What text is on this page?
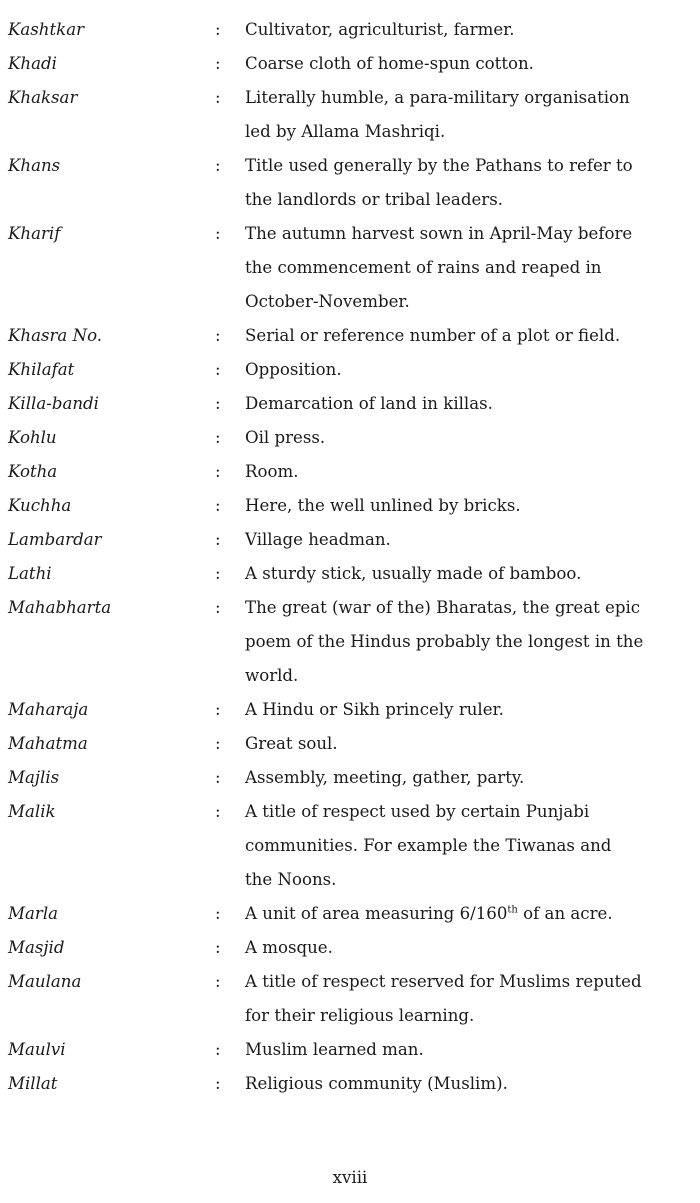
Kashtkar	:	Cultivator, agriculturist, farmer.
Khadi	:	Coarse cloth of home-spun cotton.
Khaksar	:	Literally humble, a para-military organisation
led by Allama Mashriqi.
Khans	:	Title used generally by the Pathans to refer to
the landlords or tribal leaders.
Kharif	:	The autumn harvest sown in April-May before
the commencement of rains and reaped in
October-November.
Khasra No.	:	Serial or reference number of a plot or field.
Khilafat	:	Opposition.
Killa-bandi	:	Demarcation of land in killas.
Kohlu	:	Oil press.
Kotha	:	Room.
Kuchha	:	Here, the well unlined by bricks.
Lambardar	:	Village headman.
Lathi	:	A sturdy stick, usually made of bamboo.
Mahabharta	:	The great (war of the) Bharatas, the great epic
poem of the Hindus probably the longest in the
world.
Maharaja	:	A Hindu or Sikh princely ruler.
Mahatma	:	Great soul.
Majlis	:	Assembly, meeting, gather, party.
Malik	:	A title of respect used by certain Punjabi
communities. For example the Tiwanas and
the Noons.
Marla	:	A unit of area measuring 6/160th of an acre.
Masjid	:	A mosque.
Maulana	:	A title of respect reserved for Muslims reputed
for their religious learning.
Maulvi	:	Muslim learned man.
Millat	:	Religious community (Muslim).
xviii
